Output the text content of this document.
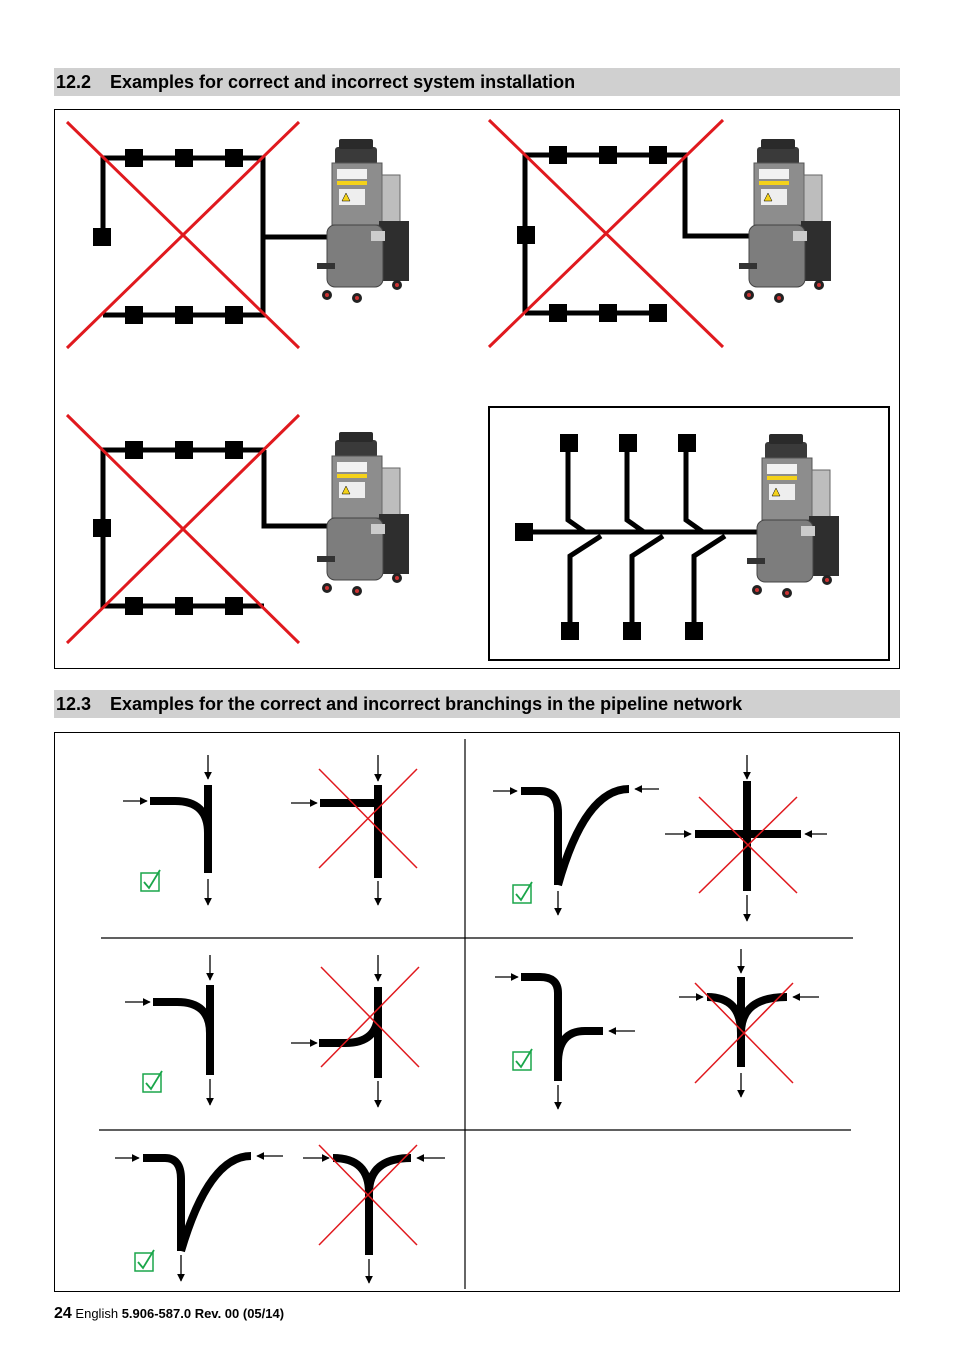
12.2 Examples for correct and incorrect system installation
12.3 Examples for the correct and incorrect branchings in the pipeline network
24 English 5.906-587.0 Rev. 00 (05/14)
